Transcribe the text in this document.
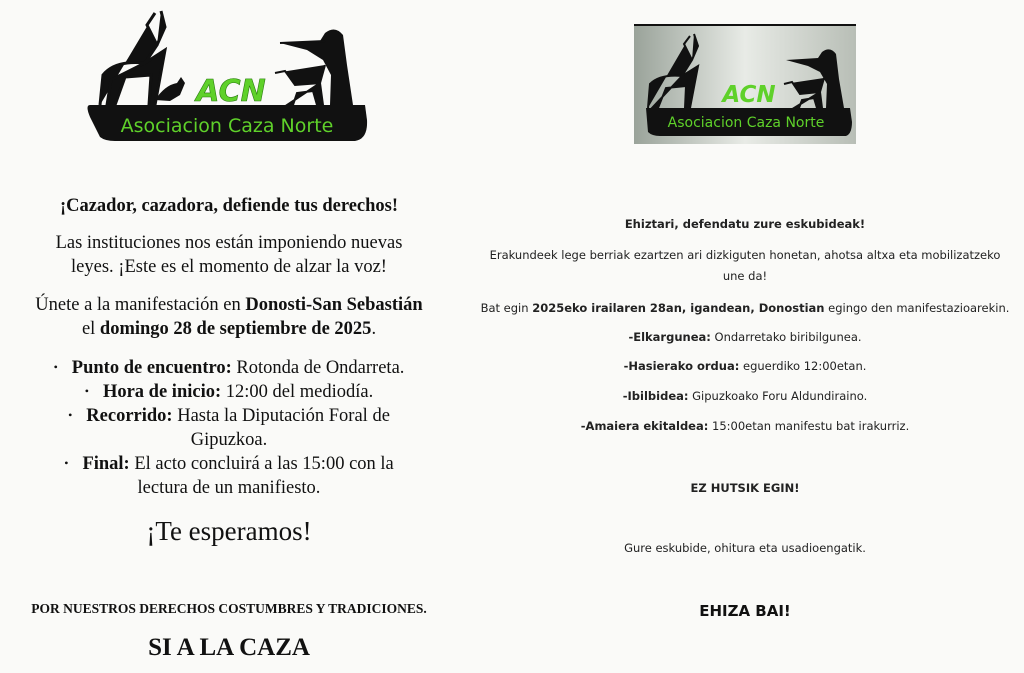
ACN
Asociacion Caza Norte
¡Cazador, cazadora, defiende tus derechos!
Las instituciones nos están imponiendo nuevas
leyes. ¡Este es el momento de alzar la voz!
Únete a la manifestación en Donosti-San Sebastián
el domingo 28 de septiembre de 2025.
• Punto de encuentro: Rotonda de Ondarreta.
• Hora de inicio: 12:00 del mediodía.
• Recorrido: Hasta la Diputación Foral de
Gipuzkoa.
• Final: El acto concluirá a las 15:00 con la
lectura de un manifiesto.
¡Te esperamos!
POR NUESTROS DERECHOS COSTUMBRES Y TRADICIONES.
SI A LA CAZA
ACN
Asociacion Caza Norte
Ehiztari, defendatu zure eskubideak!
Erakundeek lege berriak ezartzen ari dizkiguten honetan, ahotsa altxa eta mobilizatzeko
une da!
Bat egin 2025eko irailaren 28an, igandean, Donostian egingo den manifestazioarekin.
-Elkargunea: Ondarretako biribilgunea.
-Hasierako ordua: eguerdiko 12:00etan.
-Ibilbidea: Gipuzkoako Foru Aldundiraino.
-Amaiera ekitaldea: 15:00etan manifestu bat irakurriz.
EZ HUTSIK EGIN!
Gure eskubide, ohitura eta usadioengatik.
EHIZA BAI!
